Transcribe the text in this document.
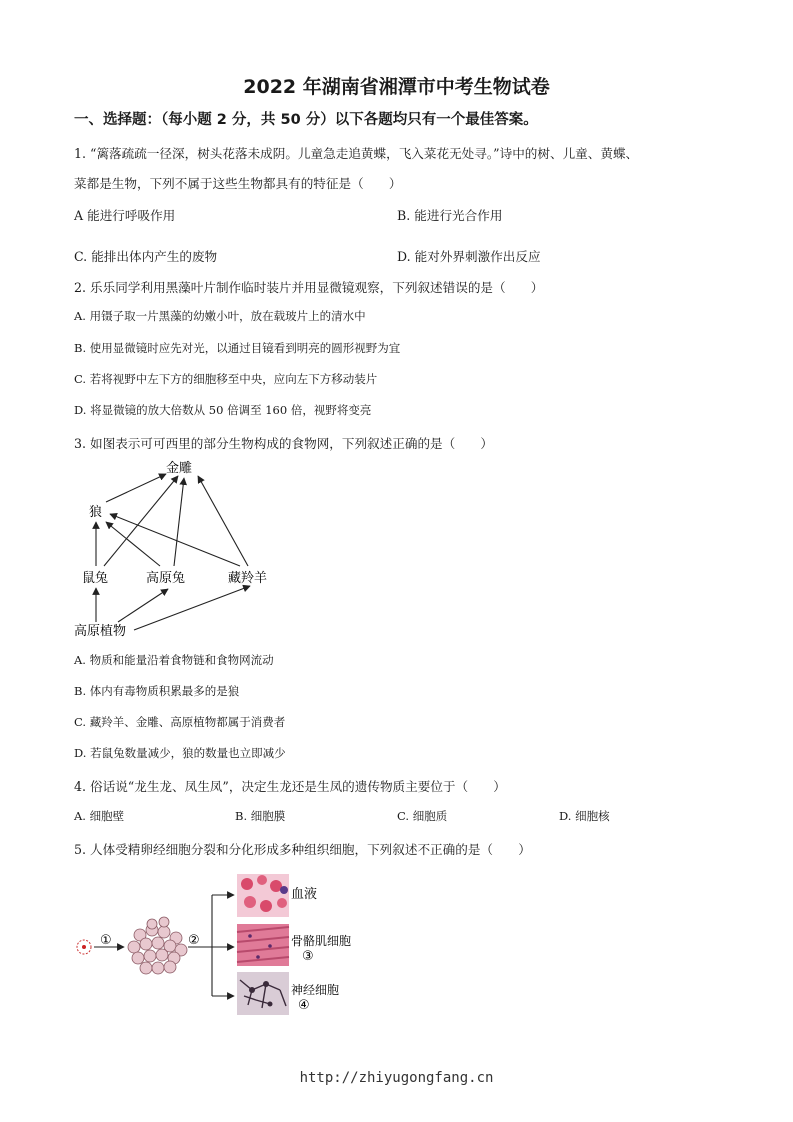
2022 年湖南省湘潭市中考生物试卷
一、选择题：（每小题 2 分，共 50 分）以下各题均只有一个最佳答案。
1. “篱落疏疏一径深，树头花落未成阴。儿童急走追黄蝶，飞入菜花无处寻。”诗中的树、儿童、黄蝶、
菜都是生物，下列不属于这些生物都具有的特征是（　　）
A 能进行呼吸作用	B. 能进行光合作用
C. 能排出体内产生的废物	D. 能对外界刺激作出反应
2. 乐乐同学利用黑藻叶片制作临时装片并用显微镜观察，下列叙述错误的是（　　）
A. 用镊子取一片黑藻的幼嫩小叶，放在载玻片上的清水中
B. 使用显微镜时应先对光，以通过目镜看到明亮的圆形视野为宜
C. 若将视野中左下方的细胞移至中央，应向左下方移动装片
D. 将显微镜的放大倍数从 50 倍调至 160 倍，视野将变亮
3. 如图表示可可西里的部分生物构成的食物网，下列叙述正确的是（　　）
金雕
狼
鼠兔	高原兔	藏羚羊
高原植物
①	②
血液
骨骼肌细胞
③
神经细胞
④
A. 物质和能量沿着食物链和食物网流动
B. 体内有毒物质积累最多的是狼
C. 藏羚羊、金雕、高原植物都属于消费者
D. 若鼠兔数量减少，狼的数量也立即减少
4. 俗话说“龙生龙、凤生凤”，决定生龙还是生凤的遗传物质主要位于（　　）
A. 细胞壁	B. 细胞膜	C. 细胞质	D. 细胞核
5. 人体受精卵经细胞分裂和分化形成多种组织细胞，下列叙述不正确的是（　　）
http://zhiyugongfang.cn
